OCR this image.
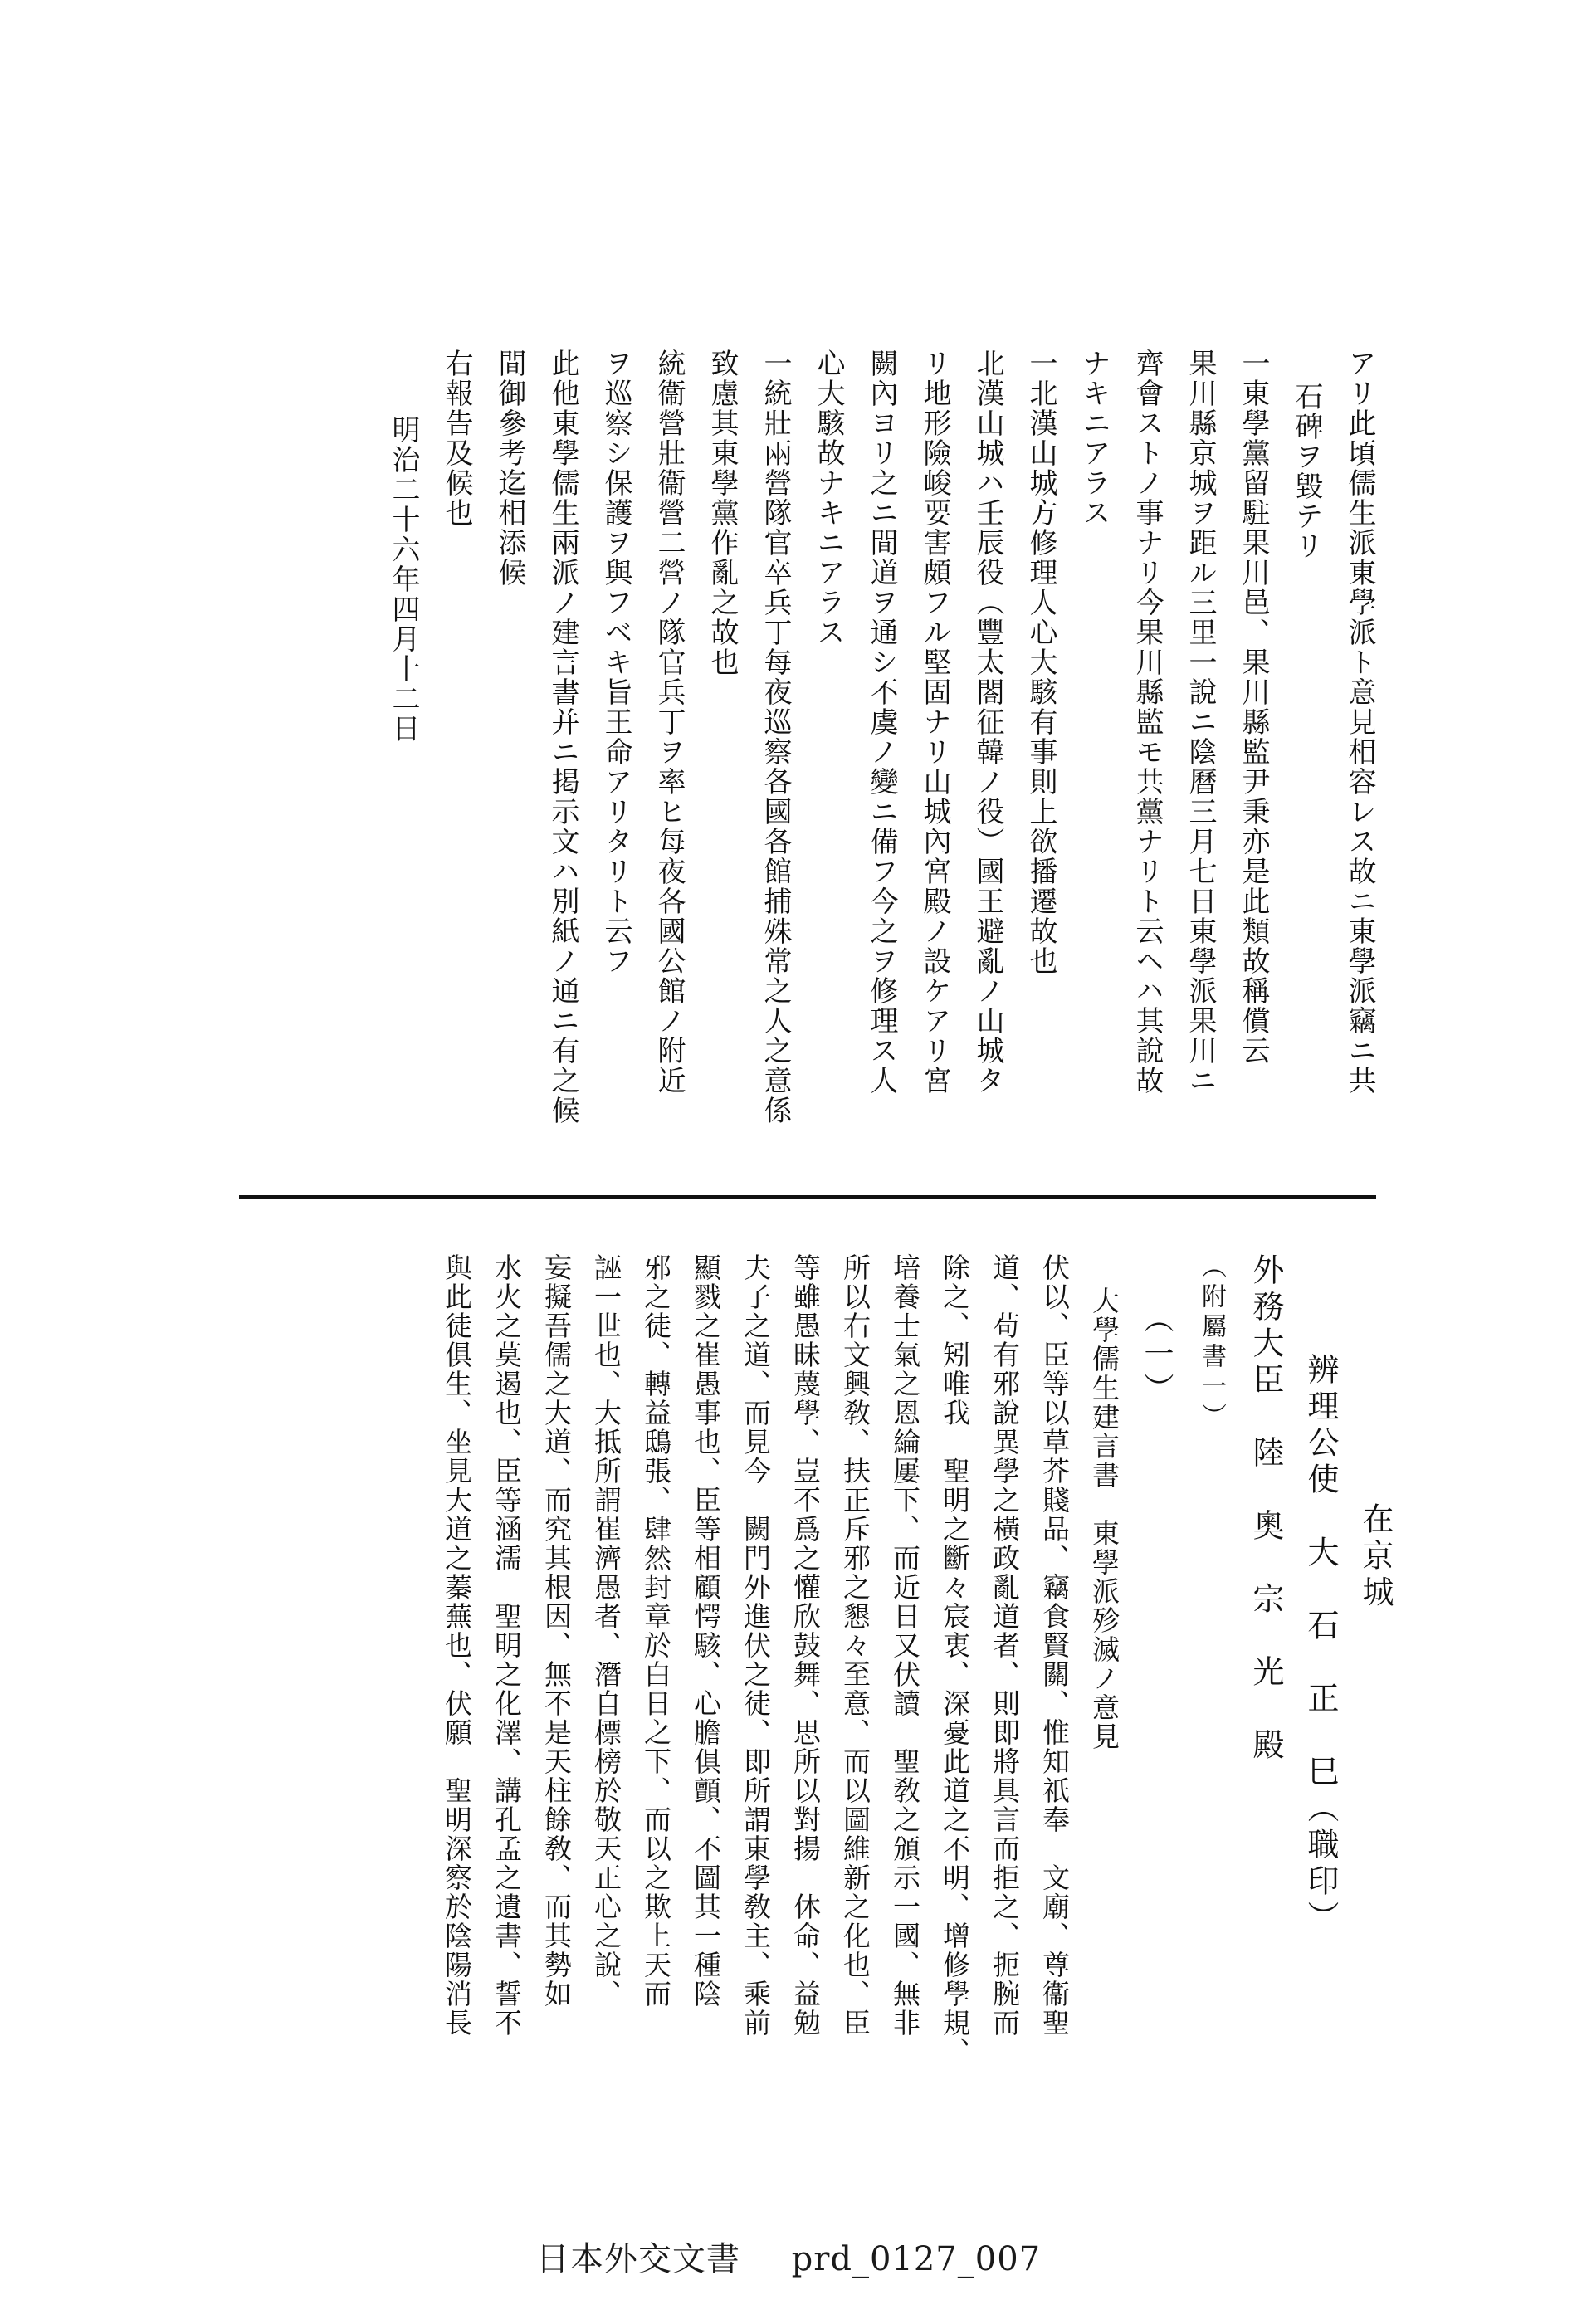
アリ此頃儒生派東學派ト意見相容レス故ニ東學派竊ニ共
石碑ヲ毀テリ
一東學黨留駐果川邑、果川縣監尹秉亦是此類故稱償云
果川縣京城ヲ距ル三里一說ニ陰曆三月七日東學派果川ニ
齊會ストノ事ナリ今果川縣監モ共黨ナリト云ヘハ其說故
ナキニアラス
一北漢山城方修理人心大駭有事則上欲播遷故也
北漢山城ハ壬辰役（豐太閤征韓ノ役）國王避亂ノ山城タ
リ地形險峻要害頗フル堅固ナリ山城內宮殿ノ設ケアリ宮
闕內ヨリ之ニ間道ヲ通シ不虞ノ變ニ備フ今之ヲ修理ス人
心大駭故ナキニアラス
一統壯兩營隊官卒兵丁每夜巡察各國各館捕殊常之人之意係
致慮其東學黨作亂之故也
統衞營壯衞營二營ノ隊官兵丁ヲ率ヒ每夜各國公館ノ附近
ヲ巡察シ保護ヲ與フベキ旨王命アリタリト云フ
此他東學儒生兩派ノ建言書并ニ掲示文ハ別紙ノ通ニ有之候
間御參考迄相添候
右報告及候也
明治二十六年四月十二日
在京城
辨理公使　大　石　正　巳（職印）
外務大臣　陸　奧　宗　光　殿
（附屬書一）
（一）
大學儒生建言書　東學派殄滅ノ意見
伏以、臣等以草芥賤品、竊食賢關、惟知祇奉　文廟、尊衞聖
道、苟有邪說異學之橫政亂道者、則即將具言而拒之、扼腕而
除之、矧唯我　聖明之斷々宸衷、深憂此道之不明、增修學規、
培養士氣之恩綸屢下、而近日又伏讀　聖敎之頒示一國、無非
所以右文興敎、扶正斥邪之懇々至意、而以圖維新之化也、臣
等雖愚昧蔑學、豈不爲之懽欣鼓舞、思所以對揚　休命、益勉
夫子之道、而見今　闕門外進伏之徒、即所謂東學敎主、乘前
顯戮之崔愚事也、臣等相顧愕駭、心膽俱顫、不圖其一種陰
邪之徒、轉益鴟張、肆然封章於白日之下、而以之欺上天而
誣一世也、大抵所謂崔濟愚者、潛自標榜於敬天正心之說、
妄擬吾儒之大道、而究其根因、無不是天柱餘敎、而其勢如
水火之莫遏也、臣等涵濡　聖明之化澤、講孔孟之遺書、誓不
與此徒俱生、坐見大道之蓁蕪也、伏願　聖明深察於陰陽消長
日本外交文書 prd_0127_007
